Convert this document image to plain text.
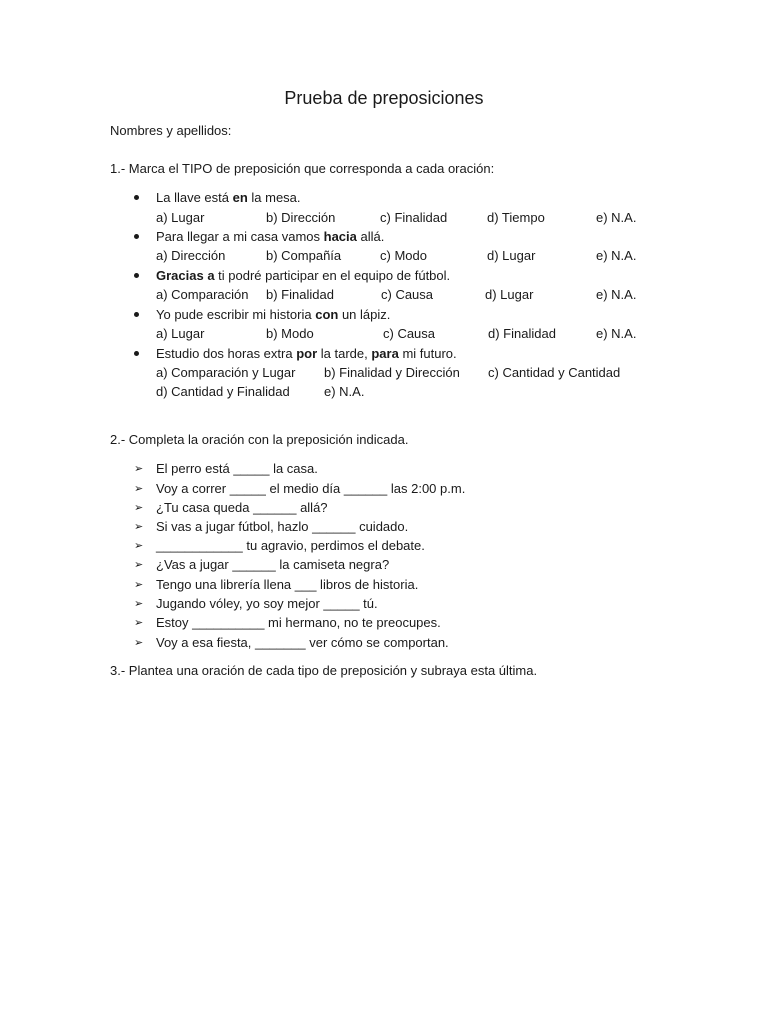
Prueba de preposiciones
Nombres y apellidos:
1.- Marca el TIPO de preposición que corresponda a cada oración:
La llave está en la mesa.
a) Lugar	b) Dirección	c) Finalidad	d) Tiempo	e) N.A.
Para llegar a mi casa vamos hacia allá.
a) Dirección	b) Compañía	c) Modo	d) Lugar	e) N.A.
Gracias a ti podré participar en el equipo de fútbol.
a) Comparación b) Finalidad	c) Causa	d) Lugar	e) N.A.
Yo pude escribir mi historia con un lápiz.
a) Lugar	b) Modo	c) Causa	d) Finalidad	e) N.A.
Estudio dos horas extra por la tarde, para mi futuro.
a) Comparación y Lugar b) Finalidad y Dirección c) Cantidad y Cantidad
d) Cantidad y Finalidad	e) N.A.
2.- Completa la oración con la preposición indicada.
➢ El perro está _____ la casa.
➢ Voy a correr _____ el medio día ______ las 2:00 p.m.
➢ ¿Tu casa queda ______ allá?
➢ Si vas a jugar fútbol, hazlo ______ cuidado.
➢ ____________ tu agravio, perdimos el debate.
➢ ¿Vas a jugar ______ la camiseta negra?
➢ Tengo una librería llena ___ libros de historia.
➢ Jugando vóley, yo soy mejor _____ tú.
➢ Estoy __________ mi hermano, no te preocupes.
➢ Voy a esa fiesta, _______ ver cómo se comportan.
3.- Plantea una oración de cada tipo de preposición y subraya esta última.
